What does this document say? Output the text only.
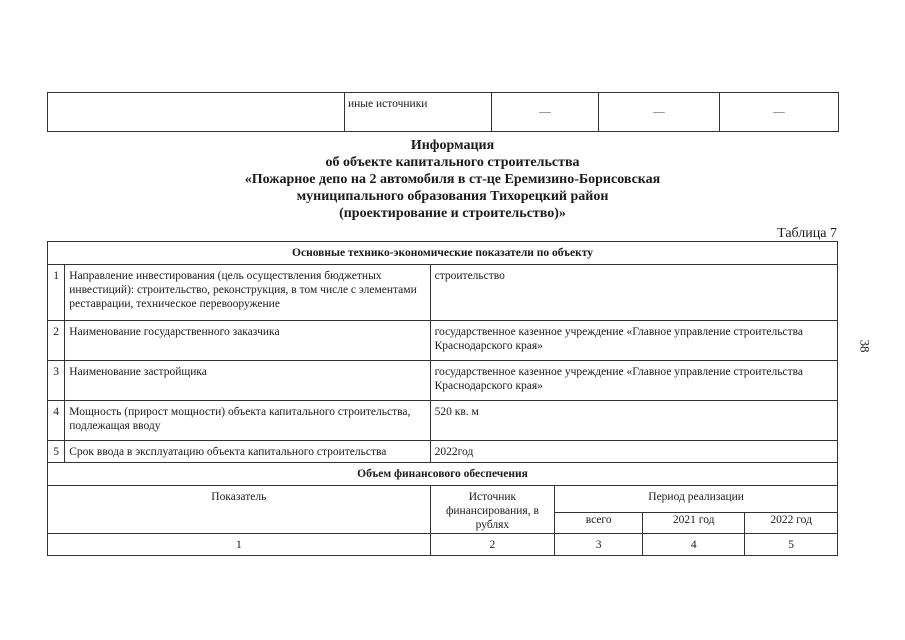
	иные источники	—	—	—
Информация
об объекте капитального строительства
«Пожарное депо на 2 автомобиля в ст-це Еремизино-Борисовская
муниципального образования Тихорецкий район
(проектирование и строительство)»
Таблица 7
Основные технико-экономические показатели по объекту					
1	Направление инвестирования (цель осуществления бюджетных инвестиций): строительство, реконструкция, в том числе с элементами реставрации, техническое перевооружение	строительство			
2	Наименование государственного заказчика	государственное казенное учреждение «Главное управление строительства Краснодарского края»			
3	Наименование застройщика	государственное казенное учреждение «Главное управление строительства Краснодарского края»			
4	Мощность (прирост мощности) объекта капитального строительства, подлежащая вводу	520 кв. м			
5	Срок ввода в эксплуатацию объекта капитального строительства	2022год			
Объем финансового обеспечения					
Показатель		Источник финансирования, в рублях	Период реализации		
			всего	2021 год	2022 год
1		2	3	4	5
38
